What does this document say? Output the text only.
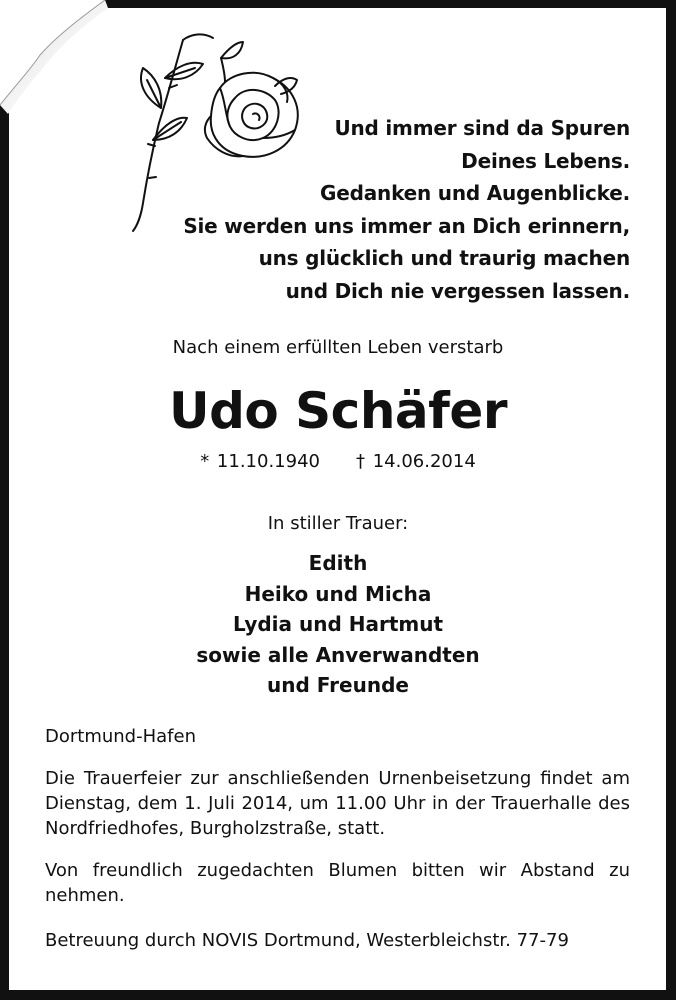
Und immer sind da Spuren
Deines Lebens.
Gedanken und Augenblicke.
Sie werden uns immer an Dich erinnern,
uns glücklich und traurig machen
und Dich nie vergessen lassen.
Nach einem erfüllten Leben verstarb
Udo Schäfer
* 11.10.1940 † 14.06.2014
In stiller Trauer:
Edith
Heiko und Micha
Lydia und Hartmut
sowie alle Anverwandten
und Freunde
Dortmund-Hafen
Die Trauerfeier zur anschließenden Urnenbeisetzung findet am Dienstag, dem 1. Juli 2014, um 11.00 Uhr in der Trauerhalle des Nordfriedhofes, Burgholzstraße, statt.
Von freundlich zugedachten Blumen bitten wir Abstand zu nehmen.
Betreuung durch NOVIS Dortmund, Westerbleichstr. 77-79
